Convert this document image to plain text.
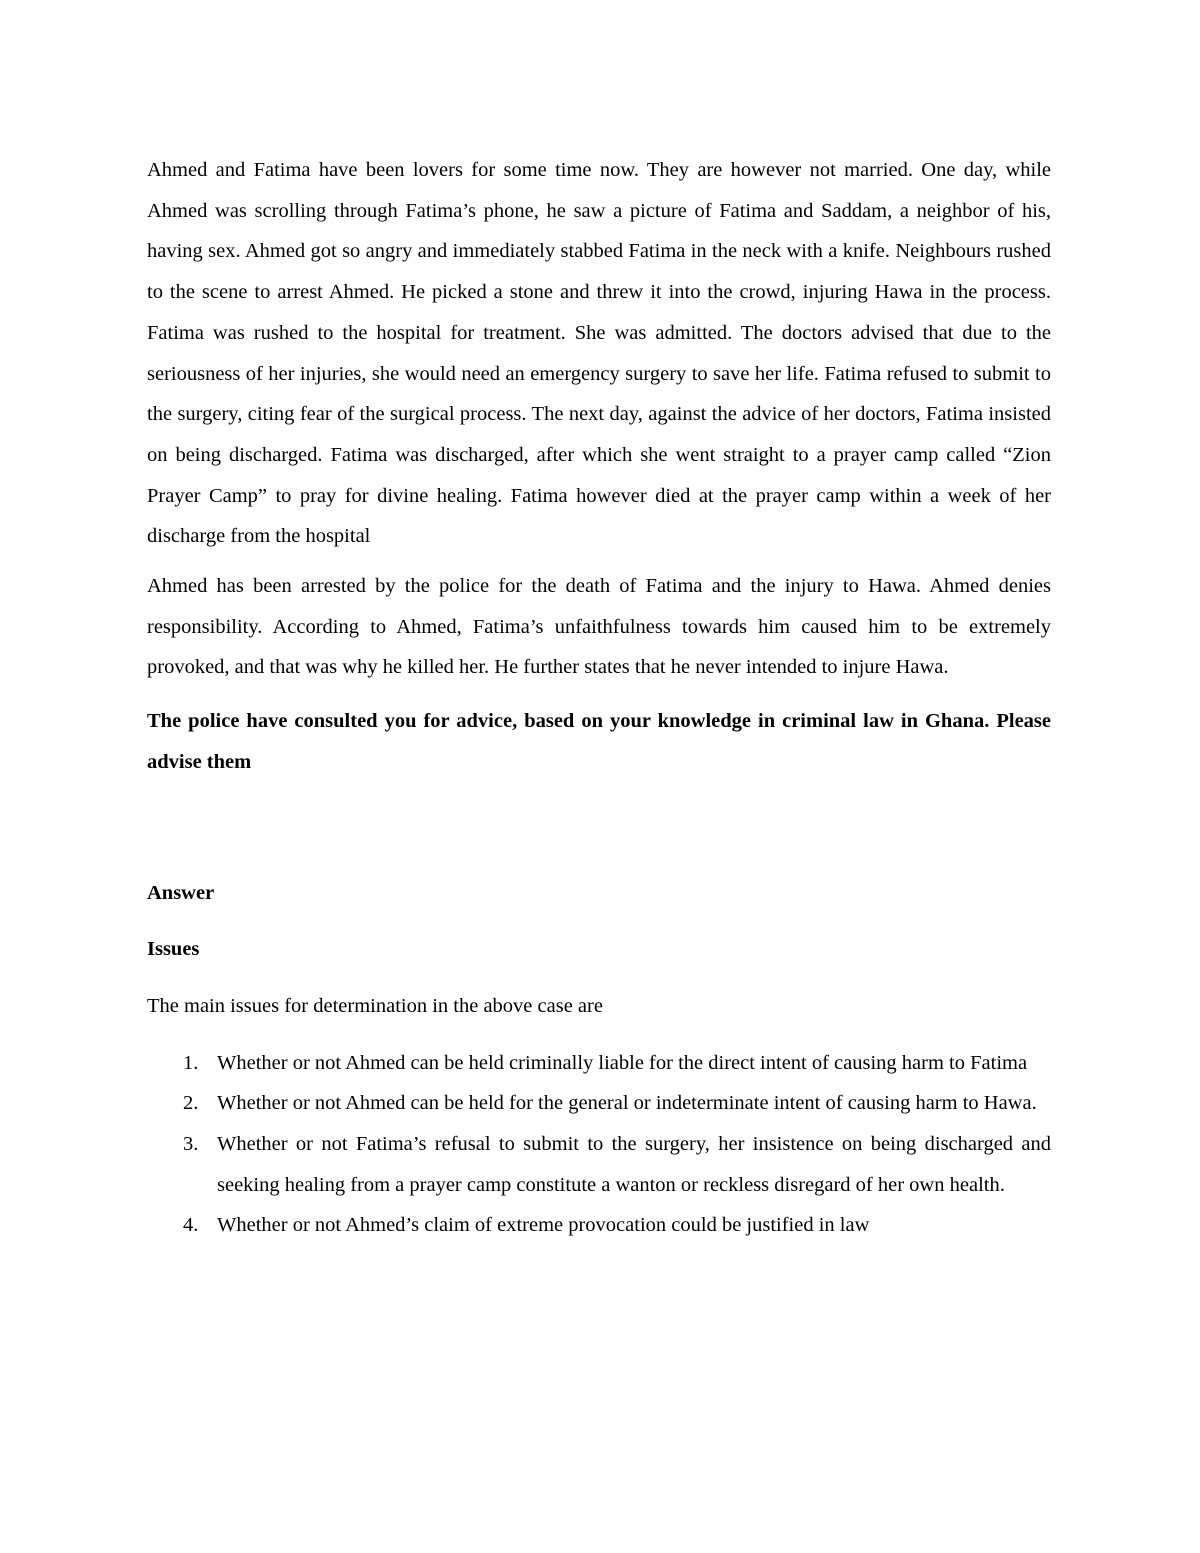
Ahmed and Fatima have been lovers for some time now. They are however not married. One day, while Ahmed was scrolling through Fatima’s phone, he saw a picture of Fatima and Saddam, a neighbor of his, having sex. Ahmed got so angry and immediately stabbed Fatima in the neck with a knife. Neighbours rushed to the scene to arrest Ahmed. He picked a stone and threw it into the crowd, injuring Hawa in the process. Fatima was rushed to the hospital for treatment. She was admitted. The doctors advised that due to the seriousness of her injuries, she would need an emergency surgery to save her life. Fatima refused to submit to the surgery, citing fear of the surgical process. The next day, against the advice of her doctors, Fatima insisted on being discharged. Fatima was discharged, after which she went straight to a prayer camp called “Zion Prayer Camp” to pray for divine healing. Fatima however died at the prayer camp within a week of her discharge from the hospital

Ahmed has been arrested by the police for the death of Fatima and the injury to Hawa. Ahmed denies responsibility. According to Ahmed, Fatima’s unfaithfulness towards him caused him to be extremely provoked, and that was why he killed her. He further states that he never intended to injure Hawa.

The police have consulted you for advice, based on your knowledge in criminal law in Ghana. Please advise them

Answer
Issues

The main issues for determination in the above case are

1. Whether or not Ahmed can be held criminally liable for the direct intent of causing harm to Fatima
2. Whether or not Ahmed can be held for the general or indeterminate intent of causing harm to Hawa.
3. Whether or not Fatima’s refusal to submit to the surgery, her insistence on being discharged and seeking healing from a prayer camp constitute a wanton or reckless disregard of her own health.
4. Whether or not Ahmed’s claim of extreme provocation could be justified in law
